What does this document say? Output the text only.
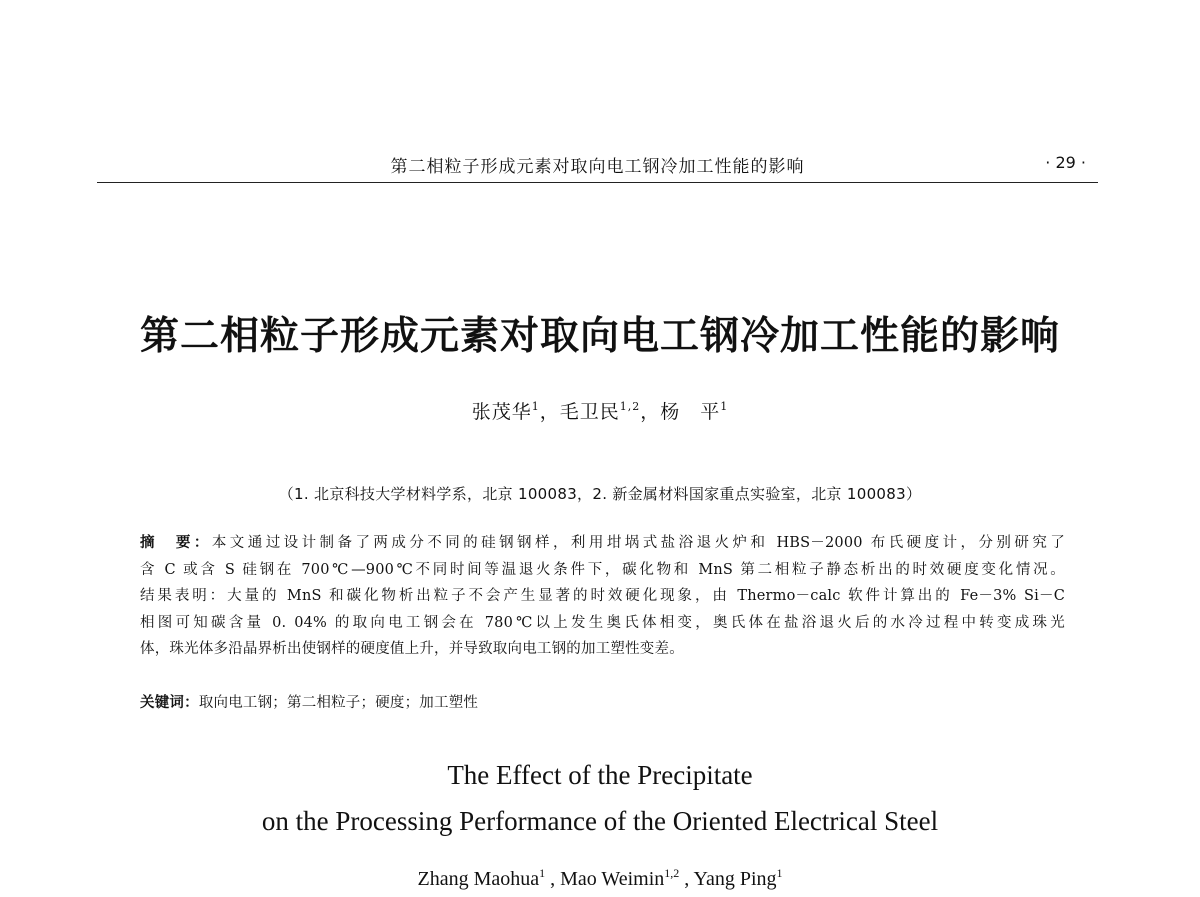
第二相粒子形成元素对取向电工钢冷加工性能的影响	· 29 ·
第二相粒子形成元素对取向电工钢冷加工性能的影响
张茂华$^1$，毛卫民$^{1,2}$，杨　平$^1$
（1. 北京科技大学材料学系，北京 100083，2. 新金属材料国家重点实验室，北京 100083）
摘　要：本文通过设计制备了两成分不同的硅钢钢样，利用坩埚式盐浴退火炉和 HBS－2000 布氏硬度计，分别研究了
含 C 或含 S 硅钢在 700℃—900℃不同时间等温退火条件下，碳化物和 MnS 第二相粒子静态析出的时效硬度变化情况。
结果表明：大量的 MnS 和碳化物析出粒子不会产生显著的时效硬化现象，由 Thermo－calc 软件计算出的 Fe－3% Si－C
相图可知碳含量 0. 04% 的取向电工钢会在 780℃以上发生奥氏体相变，奥氏体在盐浴退火后的水冷过程中转变成珠光
体，珠光体多沿晶界析出使钢样的硬度值上升，并导致取向电工钢的加工塑性变差。
关键词：取向电工钢；第二相粒子；硬度；加工塑性
The Effect of the Precipitate
on the Processing Performance of the Oriented Electrical Steel
Zhang Maohua$^1$ , Mao Weimin$^{1,2}$ , Yang Ping$^1$
